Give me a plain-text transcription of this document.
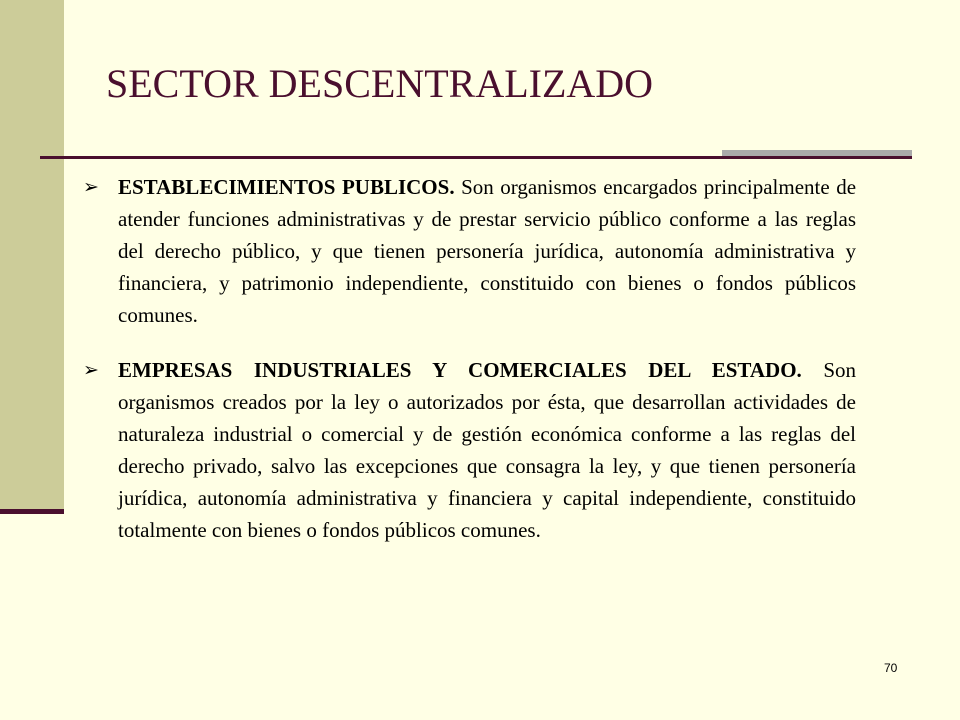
SECTOR DESCENTRALIZADO
➢ ESTABLECIMIENTOS PUBLICOS. Son organismos encargados principalmente de atender funciones administrativas y de prestar servicio público conforme a las reglas del derecho público, y que tienen personería jurídica, autonomía administrativa y financiera, y patrimonio independiente, constituido con bienes o fondos públicos comunes.
➢ EMPRESAS INDUSTRIALES Y COMERCIALES DEL ESTADO. Son organismos creados por la ley o autorizados por ésta, que desarrollan actividades de naturaleza industrial o comercial y de gestión económica conforme a las reglas del derecho privado, salvo las excepciones que consagra la ley, y que tienen personería jurídica, autonomía administrativa y financiera y capital independiente, constituido totalmente con bienes o fondos públicos comunes.
70
